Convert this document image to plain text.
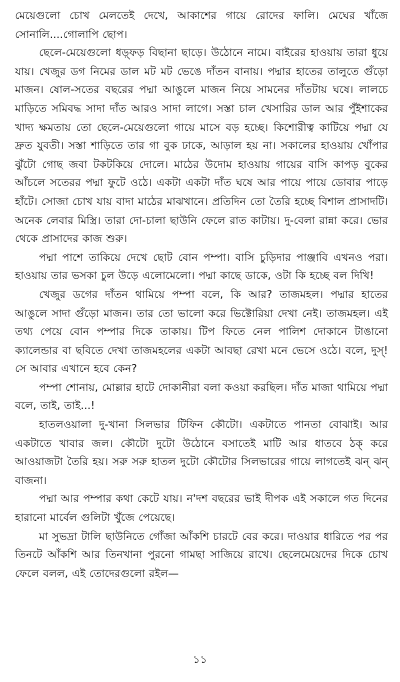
মেয়েগুলো চোখ মেলতেই দেখে, আকাশের গায়ে রোদের ফালি। মেঘের খাঁজে সোনালি....গোলাপি ছোপ।

ছেলে-মেয়েগুলো ধড়্‌ফড় বিছানা ছাড়ে। উঠোনে নামে। বাইরের হাওয়ায় তারা ধুয়ে যায়। খেজুর ডগ নিমের ডাল মট মট ভেঙে দাঁতন বানায়। পদ্মার হাতের তালুতে গুঁড়ো মাজন। ষোল-সতের বছরের পদ্মা আঙুলে মাজন নিয়ে সামনের দাঁতটায় ঘষে। লালচে মাড়িতে সমিবদ্ধ সাদা দাঁত আরও সাদা লাগে। সস্তা চাল খেসারির ডাল আর পুঁইশাকের খাদ্য ক্ষমতায় তো ছেলে-মেয়েগুলো গায়ে মাসে বড় হচ্ছে। কিশোরীত্ব কাটিয়ে পদ্মা যে দ্রুত যুবতী। সস্তা শাড়িতে তার গা বুক ঢাকে, আড়াল হয় না। সকালের হাওয়ায় খোঁপার ঝুঁটো গোছ জবা টকটকিয়ে দোলে। মাঠের উদোম হাওয়ায় গায়ের বাসি কাপড় বুকের আঁচলে সতেরর পদ্মা ফুটে ওঠে। একটা একটা দাঁত ঘষে আর পায়ে পায়ে ডোবার পাড়ে হাঁটে। সোজা চোখ যায় বাদা মাঠের মাঝখানে। প্রতিদিন তো তৈরি হচ্ছে বিশাল প্রাসাদটি। অনেক লেবার মিস্ত্রি। তারা দো-চালা ছাউনি ফেলে রাত কাটায়। দু-বেলা রান্না করে। ভোর থেকে প্রাসাদের কাজ শুরু।

পদ্মা পাশে তাকিয়ে দেখে ছোট বোন পম্পা। বাসি চুড়িদার পাঞ্জাবি এখনও পরা। হাওয়ায় তার ভসকা চুল উড়ে এলোমেলো। পদ্মা কাছে ডাকে, ওটা কি হচ্ছে বল দিখি!

খেজুর ডগের দাঁতন থামিয়ে পম্পা বলে, কি আর? তাজমহল। পদ্মার হাতের আঙুলে সাদা গুঁড়ো মাজন। তার তো ভালো করে ভিক্টোরিয়া দেখা নেই। তাজমহল। এই তথ্য পেয়ে বোন পম্পার দিকে তাকায়। টিপ ফিতে নেল পালিশ দোকানে টাঙানো ক্যালেন্ডার বা ছবিতে দেখা তাজমহলের একটা আবছা রেখা মনে ভেসে ওঠে। বলে, দুস্‌! সে আবার এখানে হবে কেন?

পম্পা শোনায়, মোল্লার হাটে দোকানীরা বলা কওয়া করছিল। দাঁত মাজা থামিয়ে পদ্মা বলে, তাই, তাই...!

হাতলওয়ালা দু-খানা সিলভার টিফিন কৌটো। একটাতে পানতা বোঝাই। আর একটাতে খাবার জল। কৌটো দুটো উঠোনে বসাতেই মাটি আর ধাতবে ঠক্‌ করে আওয়াজটা তৈরি হয়। সরু সরু হাতল দুটো কৌটোর সিলভারের গায়ে লাগতেই ঝন্‌ ঝন্‌ বাজনা।

পদ্মা আর পম্পার কথা কেটে যায়। ন'দশ বছরের ভাই দীপক এই সকালে গত দিনের হারানো মার্বেল গুলিটা খুঁজে পেয়েছে।

মা সুভদ্রা টালি ছাউনিতে গোঁজা আঁকশি চারটে বের করে। দাওয়ার ধারিতে পর পর তিনটে আঁকশি আর তিনখানা পুরনো গামছা সাজিয়ে রাখে। ছেলেমেয়েদের দিকে চোখ ফেলে বলল, এই তোদেরগুলো রইল—

১১
